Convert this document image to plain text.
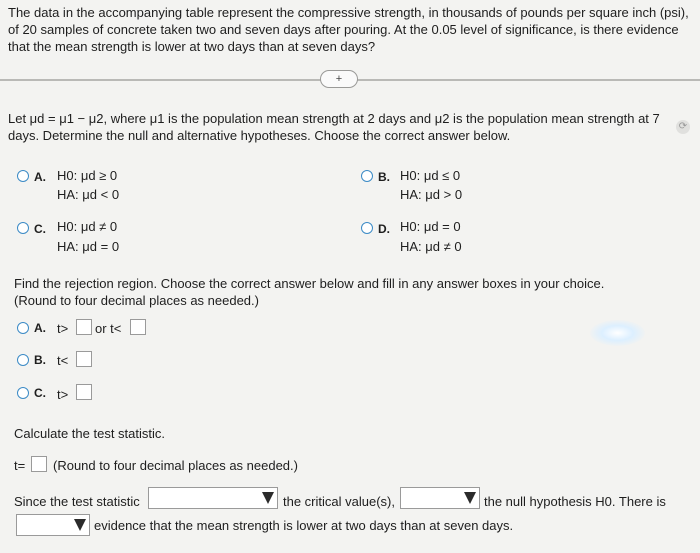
The data in the accompanying table represent the compressive strength, in thousands of pounds per square inch (psi), of 20 samples of concrete taken two and seven days after pouring. At the 0.05 level of significance, is there evidence that the mean strength is lower at two days than at seven days?
+
Let μd = μ1 − μ2, where μ1 is the population mean strength at 2 days and μ2 is the population mean strength at 7 days. Determine the null and alternative hypotheses. Choose the correct answer below.
⟳
A. H0: μd ≥ 0
HA: μd < 0
B. H0: μd ≤ 0
HA: μd > 0
C. H0: μd ≠ 0
HA: μd = 0
D. H0: μd = 0
HA: μd ≠ 0
Find the rejection region. Choose the correct answer below and fill in any answer boxes in your choice.
(Round to four decimal places as needed.)
A. t> or t<
B. t<
C. t>
Calculate the test statistic.
t= (Round to four decimal places as needed.)
Since the test statistic	the critical value(s),	the null hypothesis H0. There is
evidence that the mean strength is lower at two days than at seven days.
